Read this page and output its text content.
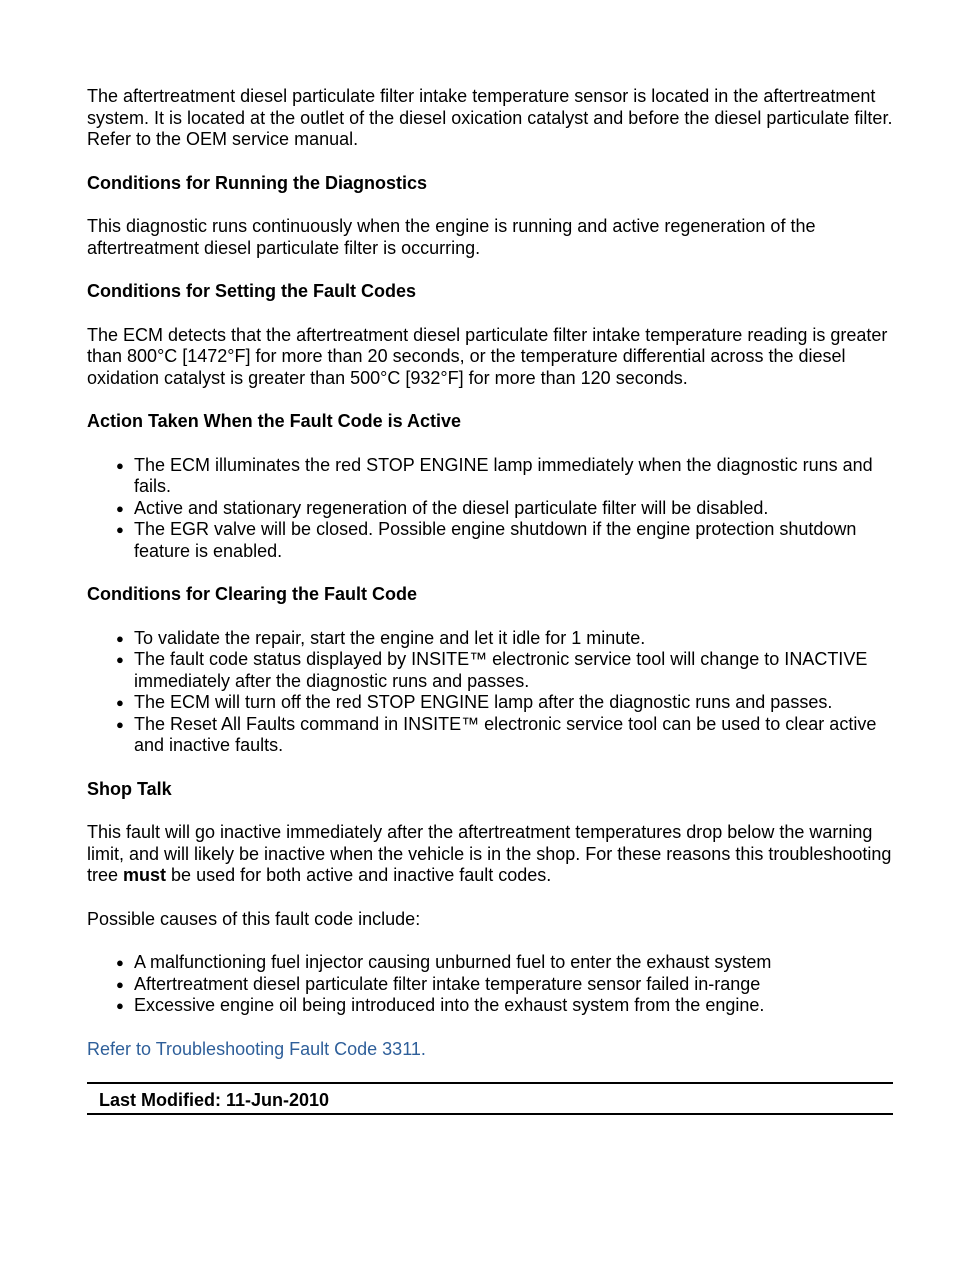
The aftertreatment diesel particulate filter intake temperature sensor is located in the aftertreatment system. It is located at the outlet of the diesel oxication catalyst and before the diesel particulate filter. Refer to the OEM service manual.

Conditions for Running the Diagnostics

This diagnostic runs continuously when the engine is running and active regeneration of the aftertreatment diesel particulate filter is occurring.

Conditions for Setting the Fault Codes

The ECM detects that the aftertreatment diesel particulate filter intake temperature reading is greater than 800°C [1472°F] for more than 20 seconds, or the temperature differential across the diesel oxidation catalyst is greater than 500°C [932°F] for more than 120 seconds.

Action Taken When the Fault Code is Active
● The ECM illuminates the red STOP ENGINE lamp immediately when the diagnostic runs and fails.
● Active and stationary regeneration of the diesel particulate filter will be disabled.
● The EGR valve will be closed. Possible engine shutdown if the engine protection shutdown feature is enabled.
Conditions for Clearing the Fault Code
● To validate the repair, start the engine and let it idle for 1 minute.
● The fault code status displayed by INSITE™ electronic service tool will change to INACTIVE immediately after the diagnostic runs and passes.
● The ECM will turn off the red STOP ENGINE lamp after the diagnostic runs and passes.
● The Reset All Faults command in INSITE™ electronic service tool can be used to clear active and inactive faults.
Shop Talk

This fault will go inactive immediately after the aftertreatment temperatures drop below the warning limit, and will likely be inactive when the vehicle is in the shop. For these reasons this troubleshooting tree must be used for both active and inactive fault codes.

Possible causes of this fault code include:

● A malfunctioning fuel injector causing unburned fuel to enter the exhaust system
● Aftertreatment diesel particulate filter intake temperature sensor failed in-range
● Excessive engine oil being introduced into the exhaust system from the engine.

Refer to Troubleshooting Fault Code 3311.

Last Modified: 11-Jun-2010
